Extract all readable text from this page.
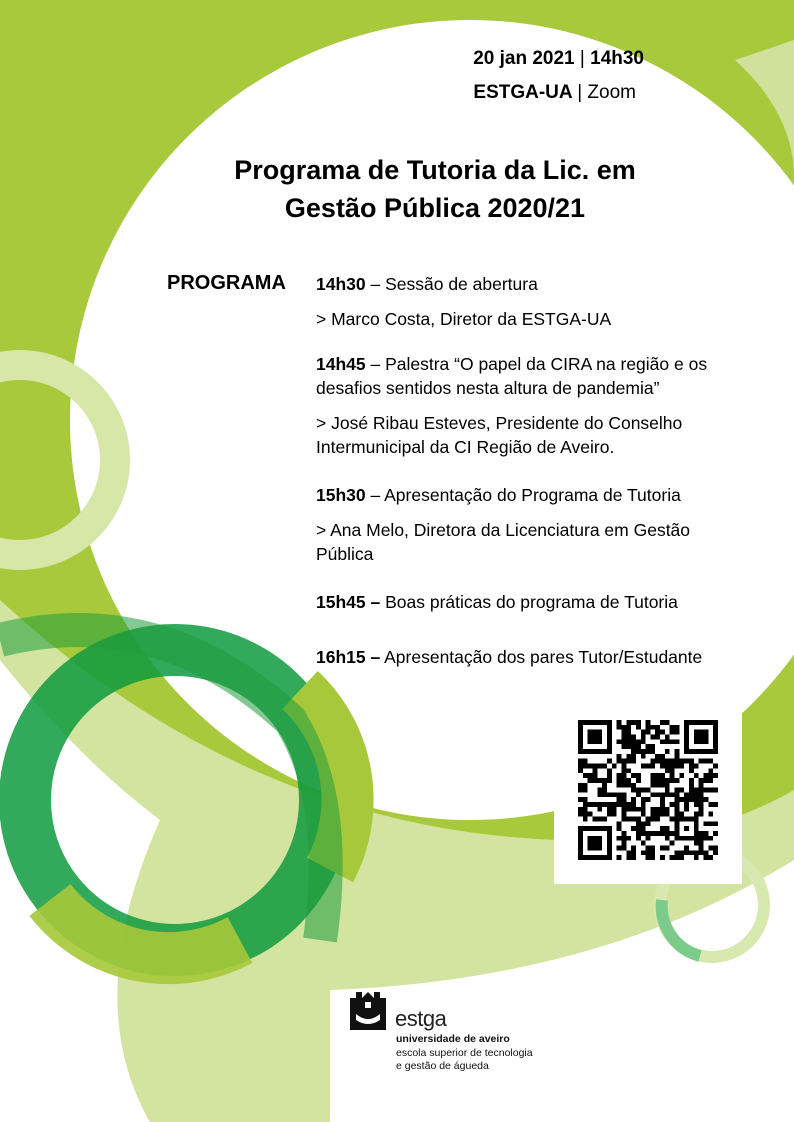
20 jan 2021 | 14h30
ESTGA-UA | Zoom
Programa de Tutoria da Lic. em
Gestão Pública 2020/21
PROGRAMA 14h30 – Sessão de abertura
> Marco Costa, Diretor da ESTGA-UA
14h45 – Palestra “O papel da CIRA na região e os desafios sentidos nesta altura de pandemia”
> José Ribau Esteves, Presidente do Conselho Intermunicipal da CI Região de Aveiro.
15h30 – Apresentação do Programa de Tutoria
> Ana Melo, Diretora da Licenciatura em Gestão Pública
15h45 – Boas práticas do programa de Tutoria
16h15 – Apresentação dos pares Tutor/Estudante
estga
universidade de aveiro
escola superior de tecnologia
e gestão de águeda
